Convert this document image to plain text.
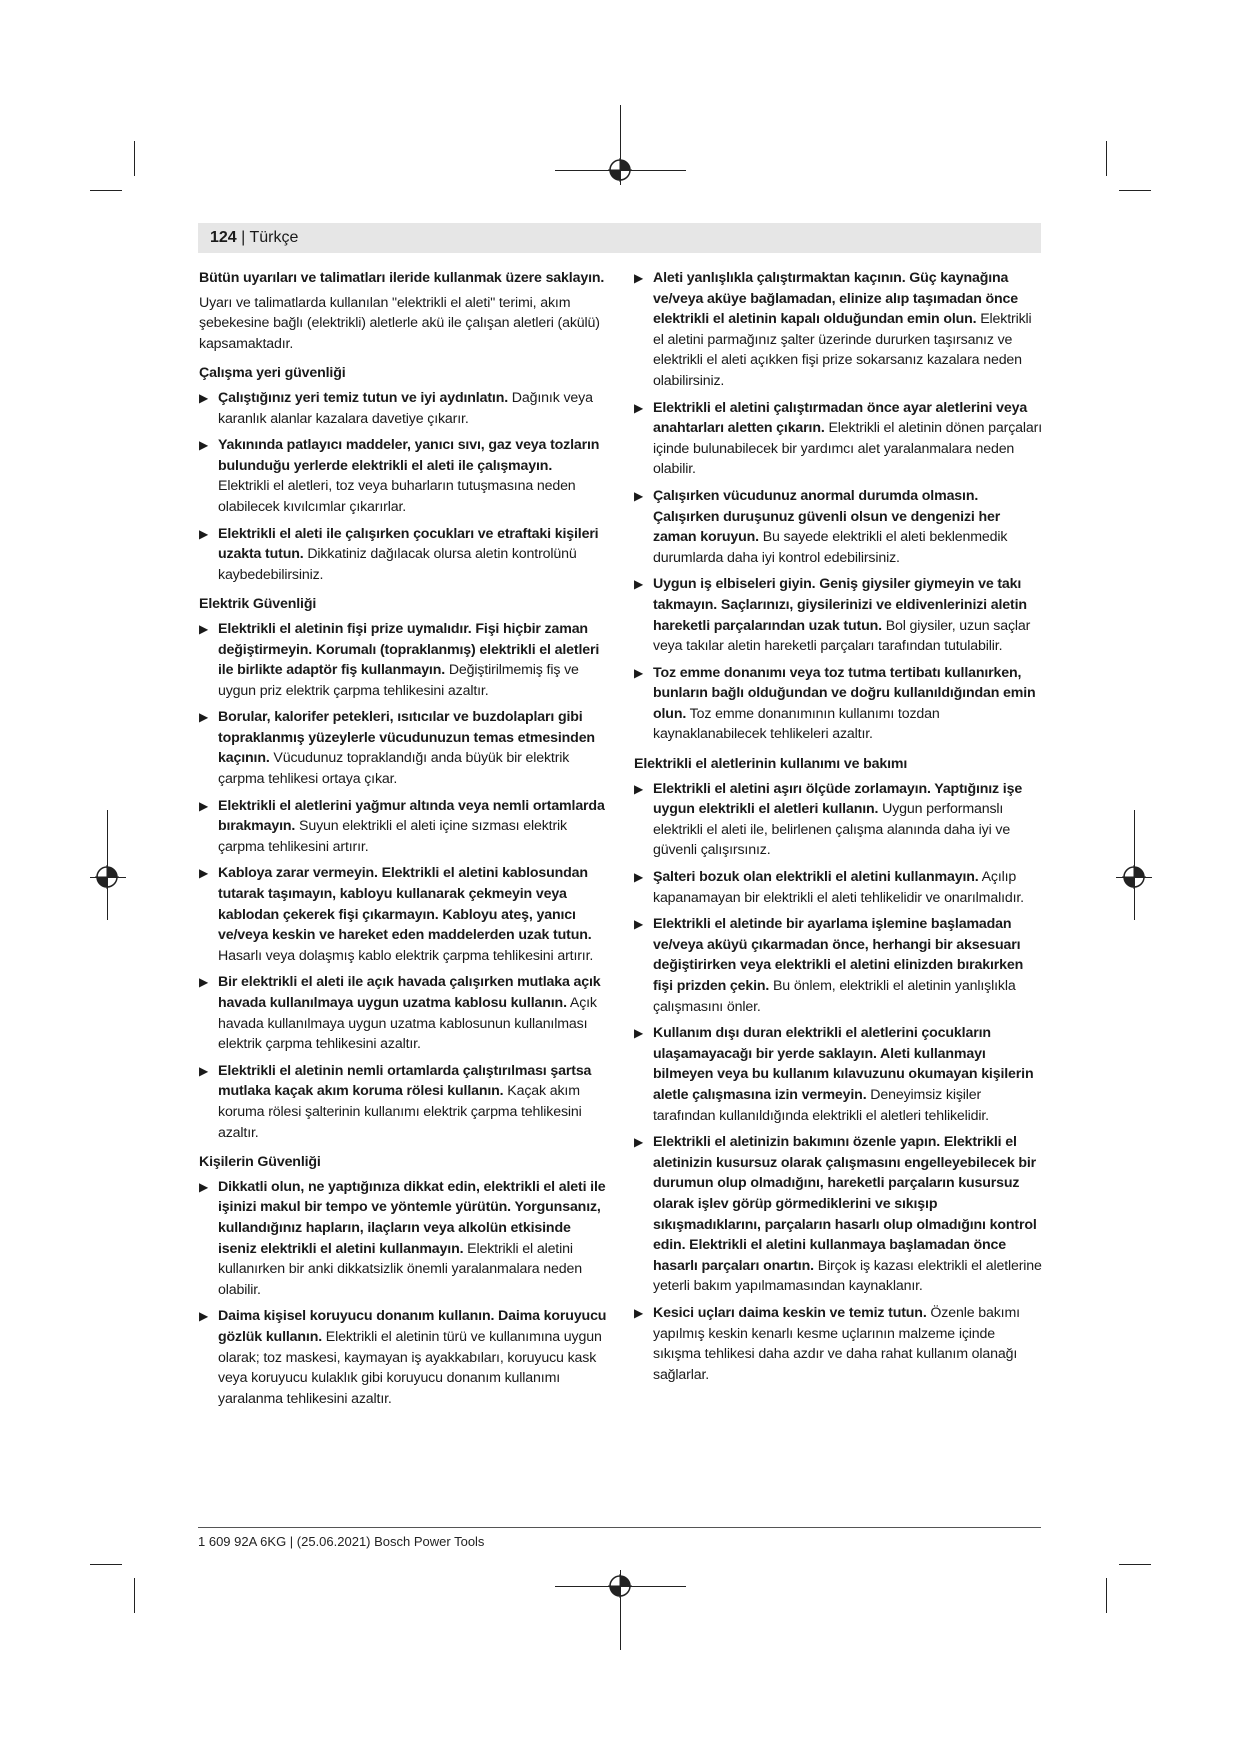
124 | Türkçe

Bütün uyarıları ve talimatları ileride kullanmak üzere saklayın.

Uyarı ve talimatlarda kullanılan "elektrikli el aleti" terimi, akım şebekesine bağlı (elektrikli) aletlerle akü ile çalışan aletleri (akülü) kapsamaktadır.

Çalışma yeri güvenliği
▶ Çalıştığınız yeri temiz tutun ve iyi aydınlatın. Dağınık veya karanlık alanlar kazalara davetiye çıkarır.
▶ Yakınında patlayıcı maddeler, yanıcı sıvı, gaz veya tozların bulunduğu yerlerde elektrikli el aleti ile çalışmayın. Elektrikli el aletleri, toz veya buharların tutuşmasına neden olabilecek kıvılcımlar çıkarırlar.
▶ Elektrikli el aleti ile çalışırken çocukları ve etraftaki kişileri uzakta tutun. Dikkatiniz dağılacak olursa aletin kontrolünü kaybedebilirsiniz.
Elektrik Güvenliği
▶ Elektrikli el aletinin fişi prize uymalıdır. Fişi hiçbir zaman değiştirmeyin. Korumalı (topraklanmış) elektrikli el aletleri ile birlikte adaptör fiş kullanmayın. Değiştirilmemiş fiş ve uygun priz elektrik çarpma tehlikesini azaltır.
▶ Borular, kalorifer petekleri, ısıtıcılar ve buzdolapları gibi topraklanmış yüzeylerle vücudunuzun temas etmesinden kaçının. Vücudunuz topraklandığı anda büyük bir elektrik çarpma tehlikesi ortaya çıkar.
▶ Elektrikli el aletlerini yağmur altında veya nemli ortamlarda bırakmayın. Suyun elektrikli el aleti içine sızması elektrik çarpma tehlikesini artırır.
▶ Kabloya zarar vermeyin. Elektrikli el aletini kablosundan tutarak taşımayın, kabloyu kullanarak çekmeyin veya kablodan çekerek fişi çıkarmayın. Kabloyu ateş, yanıcı ve/veya keskin ve hareket eden maddelerden uzak tutun. Hasarlı veya dolaşmış kablo elektrik çarpma tehlikesini artırır.
▶ Bir elektrikli el aleti ile açık havada çalışırken mutlaka açık havada kullanılmaya uygun uzatma kablosu kullanın. Açık havada kullanılmaya uygun uzatma kablosunun kullanılması elektrik çarpma tehlikesini azaltır.
▶ Elektrikli el aletinin nemli ortamlarda çalıştırılması şartsa mutlaka kaçak akım koruma rölesi kullanın. Kaçak akım koruma rölesi şalterinin kullanımı elektrik çarpma tehlikesini azaltır.
Kişilerin Güvenliği
▶ Dikkatli olun, ne yaptığınıza dikkat edin, elektrikli el aleti ile işinizi makul bir tempo ve yöntemle yürütün. Yorgunsanız, kullandığınız hapların, ilaçların veya alkolün etkisinde iseniz elektrikli el aletini kullanmayın. Elektrikli el aletini kullanırken bir anki dikkatsizlik önemli yaralanmalara neden olabilir.
▶ Daima kişisel koruyucu donanım kullanın. Daima koruyucu gözlük kullanın. Elektrikli el aletinin türü ve kullanımına uygun olarak; toz maskesi, kaymayan iş ayakkabıları, koruyucu kask veya koruyucu kulaklık gibi koruyucu donanım kullanımı yaralanma tehlikesini azaltır.
▶ Aleti yanlışlıkla çalıştırmaktan kaçının. Güç kaynağına ve/veya aküye bağlamadan, elinize alıp taşımadan önce elektrikli el aletinin kapalı olduğundan emin olun. Elektrikli el aletini parmağınız şalter üzerinde dururken taşırsanız ve elektrikli el aleti açıkken fişi prize sokarsanız kazalara neden olabilirsiniz.
▶ Elektrikli el aletini çalıştırmadan önce ayar aletlerini veya anahtarları aletten çıkarın. Elektrikli el aletinin dönen parçaları içinde bulunabilecek bir yardımcı alet yaralanmalara neden olabilir.
▶ Çalışırken vücudunuz anormal durumda olmasın. Çalışırken duruşunuz güvenli olsun ve dengenizi her zaman koruyun. Bu sayede elektrikli el aleti beklenmedik durumlarda daha iyi kontrol edebilirsiniz.
▶ Uygun iş elbiseleri giyin. Geniş giysiler giymeyin ve takı takmayın. Saçlarınızı, giysilerinizi ve eldivenlerinizi aletin hareketli parçalarından uzak tutun. Bol giysiler, uzun saçlar veya takılar aletin hareketli parçaları tarafından tutulabilir.
▶ Toz emme donanımı veya toz tutma tertibatı kullanırken, bunların bağlı olduğundan ve doğru kullanıldığından emin olun. Toz emme donanımının kullanımı tozdan kaynaklanabilecek tehlikeleri azaltır.
Elektrikli el aletlerinin kullanımı ve bakımı
▶ Elektrikli el aletini aşırı ölçüde zorlamayın. Yaptığınız işe uygun elektrikli el aletleri kullanın. Uygun performanslı elektrikli el aleti ile, belirlenen çalışma alanında daha iyi ve güvenli çalışırsınız.
▶ Şalteri bozuk olan elektrikli el aletini kullanmayın. Açılıp kapanamayan bir elektrikli el aleti tehlikelidir ve onarılmalıdır.
▶ Elektrikli el aletinde bir ayarlama işlemine başlamadan ve/veya aküyü çıkarmadan önce, herhangi bir aksesuarı değiştirirken veya elektrikli el aletini elinizden bırakırken fişi prizden çekin. Bu önlem, elektrikli el aletinin yanlışlıkla çalışmasını önler.
▶ Kullanım dışı duran elektrikli el aletlerini çocukların ulaşamayacağı bir yerde saklayın. Aleti kullanmayı bilmeyen veya bu kullanım kılavuzunu okumayan kişilerin aletle çalışmasına izin vermeyin. Deneyimsiz kişiler tarafından kullanıldığında elektrikli el aletleri tehlikelidir.
▶ Elektrikli el aletinizin bakımını özenle yapın. Elektrikli el aletinizin kusursuz olarak çalışmasını engelleyebilecek bir durumun olup olmadığını, hareketli parçaların kusursuz olarak işlev görüp görmediklerini ve sıkışıp sıkışmadıklarını, parçaların hasarlı olup olmadığını kontrol edin. Elektrikli el aletini kullanmaya başlamadan önce hasarlı parçaları onartın. Birçok iş kazası elektrikli el aletlerine yeterli bakım yapılmamasından kaynaklanır.
▶ Kesici uçları daima keskin ve temiz tutun. Özenle bakımı yapılmış keskin kenarlı kesme uçlarının malzeme içinde sıkışma tehlikesi daha azdır ve daha rahat kullanım olanağı sağlarlar.
1 609 92A 6KG | (25.06.2021) Bosch Power Tools
